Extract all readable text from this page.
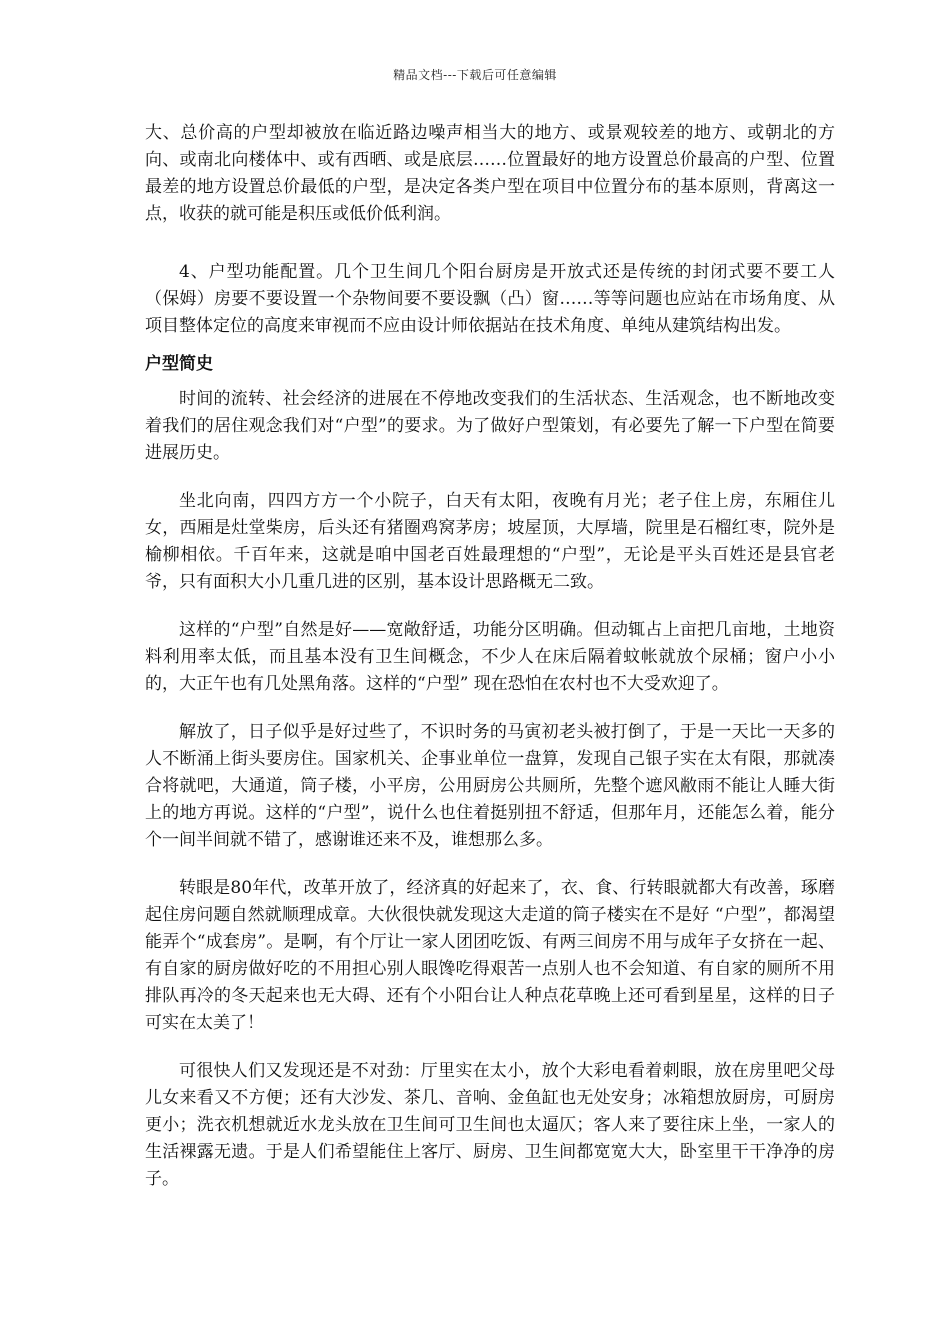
精品文档---下载后可任意编辑

大、总价高的户型却被放在临近路边噪声相当大的地方、或景观较差的地方、或朝北的方向、或南北向楼体中、或有西晒、或是底层……位置最好的地方设置总价最高的户型、位置最差的地方设置总价最低的户型，是决定各类户型在项目中位置分布的基本原则，背离这一点，收获的就可能是积压或低价低利润。

4、户型功能配置。几个卫生间几个阳台厨房是开放式还是传统的封闭式要不要工人（保姆）房要不要设置一个杂物间要不要设飘（凸）窗……等等问题也应站在市场角度、从项目整体定位的高度来审视而不应由设计师依据站在技术角度、单纯从建筑结构出发。

户型简史

时间的流转、社会经济的进展在不停地改变我们的生活状态、生活观念，也不断地改变着我们的居住观念我们对“户型”的要求。为了做好户型策划，有必要先了解一下户型在简要进展历史。

坐北向南，四四方方一个小院子，白天有太阳，夜晚有月光；老子住上房，东厢住儿女，西厢是灶堂柴房，后头还有猪圈鸡窝茅房；坡屋顶，大厚墙，院里是石榴红枣，院外是榆柳相依。千百年来，这就是咱中国老百姓最理想的“户型”，无论是平头百姓还是县官老爷，只有面积大小几重几进的区别，基本设计思路概无二致。

这样的“户型”自然是好——宽敞舒适，功能分区明确。但动辄占上亩把几亩地，土地资料利用率太低，而且基本没有卫生间概念，不少人在床后隔着蚊帐就放个尿桶；窗户小小的，大正午也有几处黑角落。这样的“户型” 现在恐怕在农村也不大受欢迎了。

解放了，日子似乎是好过些了，不识时务的马寅初老头被打倒了，于是一天比一天多的人不断涌上街头要房住。国家机关、企事业单位一盘算，发现自己银子实在太有限，那就凑合将就吧，大通道，筒子楼，小平房，公用厨房公共厕所，先整个遮风敝雨不能让人睡大街上的地方再说。这样的“户型”，说什么也住着挺别扭不舒适，但那年月，还能怎么着，能分个一间半间就不错了，感谢谁还来不及，谁想那么多。

转眼是80年代，改革开放了，经济真的好起来了，衣、食、行转眼就都大有改善，琢磨起住房问题自然就顺理成章。大伙很快就发现这大走道的筒子楼实在不是好 “户型”，都渴望能弄个“成套房”。是啊，有个厅让一家人团团吃饭、有两三间房不用与成年子女挤在一起、有自家的厨房做好吃的不用担心别人眼馋吃得艰苦一点别人也不会知道、有自家的厕所不用排队再冷的冬天起来也无大碍、还有个小阳台让人种点花草晚上还可看到星星，这样的日子可实在太美了！

可很快人们又发现还是不对劲：厅里实在太小，放个大彩电看着刺眼，放在房里吧父母儿女来看又不方便；还有大沙发、茶几、音响、金鱼缸也无处安身；冰箱想放厨房，可厨房更小；洗衣机想就近水龙头放在卫生间可卫生间也太逼仄；客人来了要往床上坐，一家人的生活裸露无遗。于是人们希望能住上客厅、厨房、卫生间都宽宽大大，卧室里干干净净的房子。
